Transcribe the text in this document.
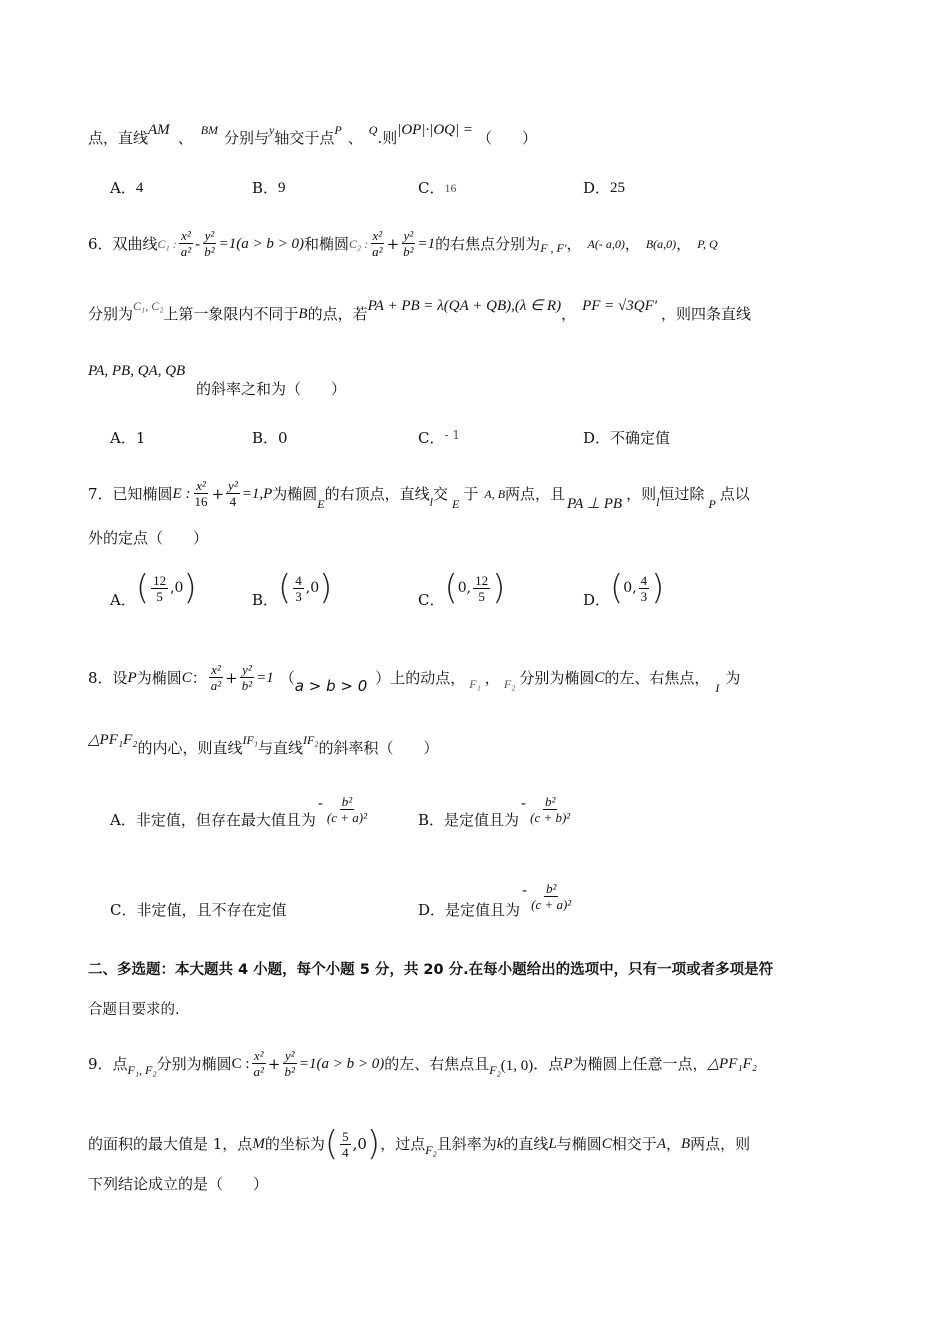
点，直线 AM 、 BM 分别与 y 轴交于点 P 、 Q .则 |OP|·|OQ| = （　　）
A． 4	B． 9	C． 16	D． 25
6．双曲线 C₁ : $\frac{\text{x²}}{\text{a²}} - \frac{\text{y²}}{\text{b²}} =1(a > b > 0)$ 和椭圆 C₂ : $\frac{\text{x²}}{\text{a²}} + \frac{\text{y²}}{\text{b²}} =1$ 的右焦点分别为 F , F′ ， A(- a,0) ， B(a,0) ， P, Q
分别为 C₁, C₂ 上第一象限内不同于 B 的点，若 PA + PB = λ(QA + QB),(λ ∈ R) ， PF = √3QF′ ，则四条直线
PA, PB, QA, QB
的斜率之和为（　　）
A． 1	B． 0	C． - 1	D． 不确定值
7．已知椭圆 E : $\frac{\text{x²}}{16} + \frac{\text{y²}}{4} =1$, P 为椭圆
E
的右顶点，直线 l 交
E
于 A, B 两点，且
PA ⊥ PB
，则 l 恒过除
P
点以
外的定点（　　）
A． ( $\frac{12}{5} ,0$ )	B． ( $\frac{4}{3} ,0$ )	C． ( 0, $\frac{12}{5}$ )	D． ( 0, $\frac{4}{3}$ )
8．设 P 为椭圆 C ： $\frac{\text{x²}}{\text{a²}} + \frac{\text{y²}}{\text{b²}} =1$ （ a > b > 0 ）上的动点， F₁ ， F₂ 分别为椭圆 C 的左、右焦点，
I
为
△PF₁F₂ 的内心，则直线 IF₁ 与直线 IF₂ 的斜率积（　　）
A．非定值，但存在最大值且为
- $\frac{\text{b²}}{\text{(c + a)²}}$	B．是定值且为
- $\frac{\text{b²}}{\text{(c + b)²}}$
C．非定值，且不存在定值	D．是定值且为
- $\frac{\text{b²}}{\text{(c + a)²}}$
二、多选题：本大题共 4 小题，每个小题 5 分，共 20 分.在每小题给出的选项中，只有一项或者多项是符
合题目要求的.
9．点 F₁, F₂ 分别为椭圆 C : $\frac{\text{x²}}{\text{a²}} + \frac{\text{y²}}{\text{b²}} =1(a > b > 0)$ 的左、右焦点且 F₂ (1, 0) ．点 P 为椭圆上任意一点， △PF₁F₂
的面积的最大值是 1，点 M 的坐标为 ( $\frac{5}{4} ,0$ ) ，过点 F₂ 且斜率为 k 的直线 L 与椭圆 C 相交于 A ， B 两点，则
下列结论成立的是（　　）
